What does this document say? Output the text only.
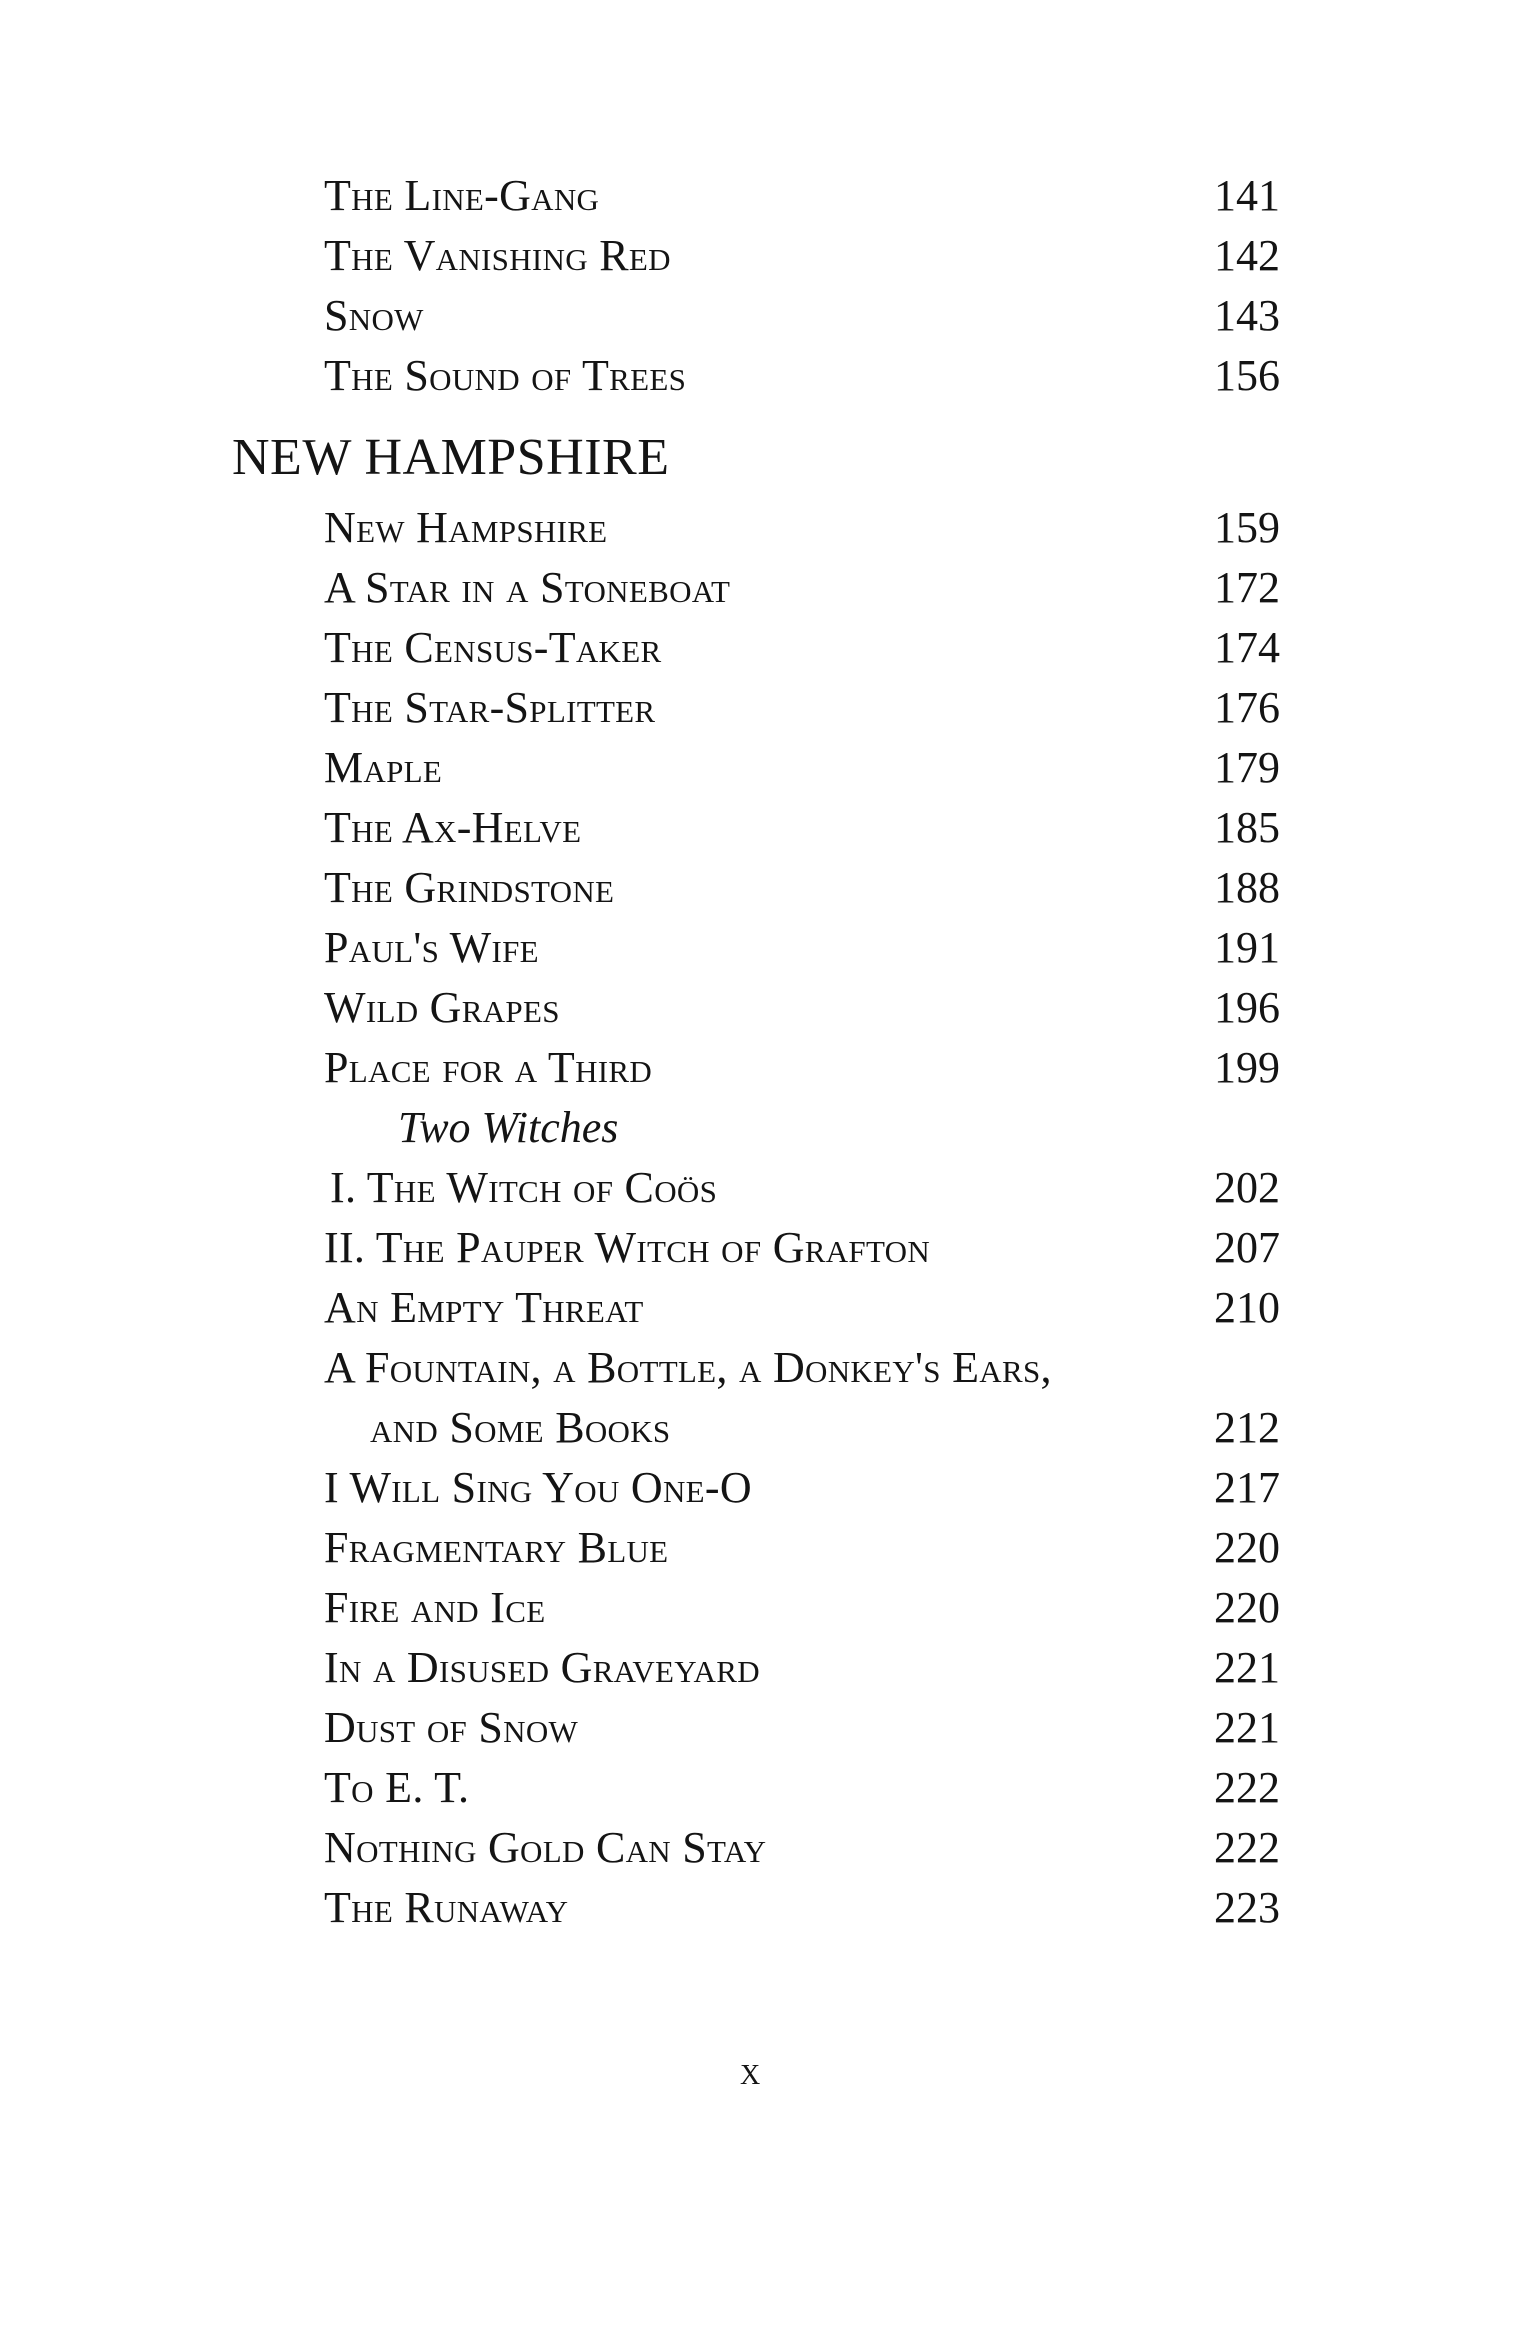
The Line-Gang	141
The Vanishing Red	142
Snow	143
The Sound of Trees	156
NEW HAMPSHIRE
New Hampshire	159
A Star in a Stoneboat	172
The Census-Taker	174
The Star-Splitter	176
Maple	179
The Ax-Helve	185
The Grindstone	188
Paul's Wife	191
Wild Grapes	196
Place for a Third	199
Two Witches
I. The Witch of Coös	202
II. The Pauper Witch of Grafton	207
An Empty Threat	210
A Fountain, a Bottle, a Donkey's Ears,
and Some Books	212
I Will Sing You One-O	217
Fragmentary Blue	220
Fire and Ice	220
In a Disused Graveyard	221
Dust of Snow	221
To E. T.	222
Nothing Gold Can Stay	222
The Runaway	223
x
